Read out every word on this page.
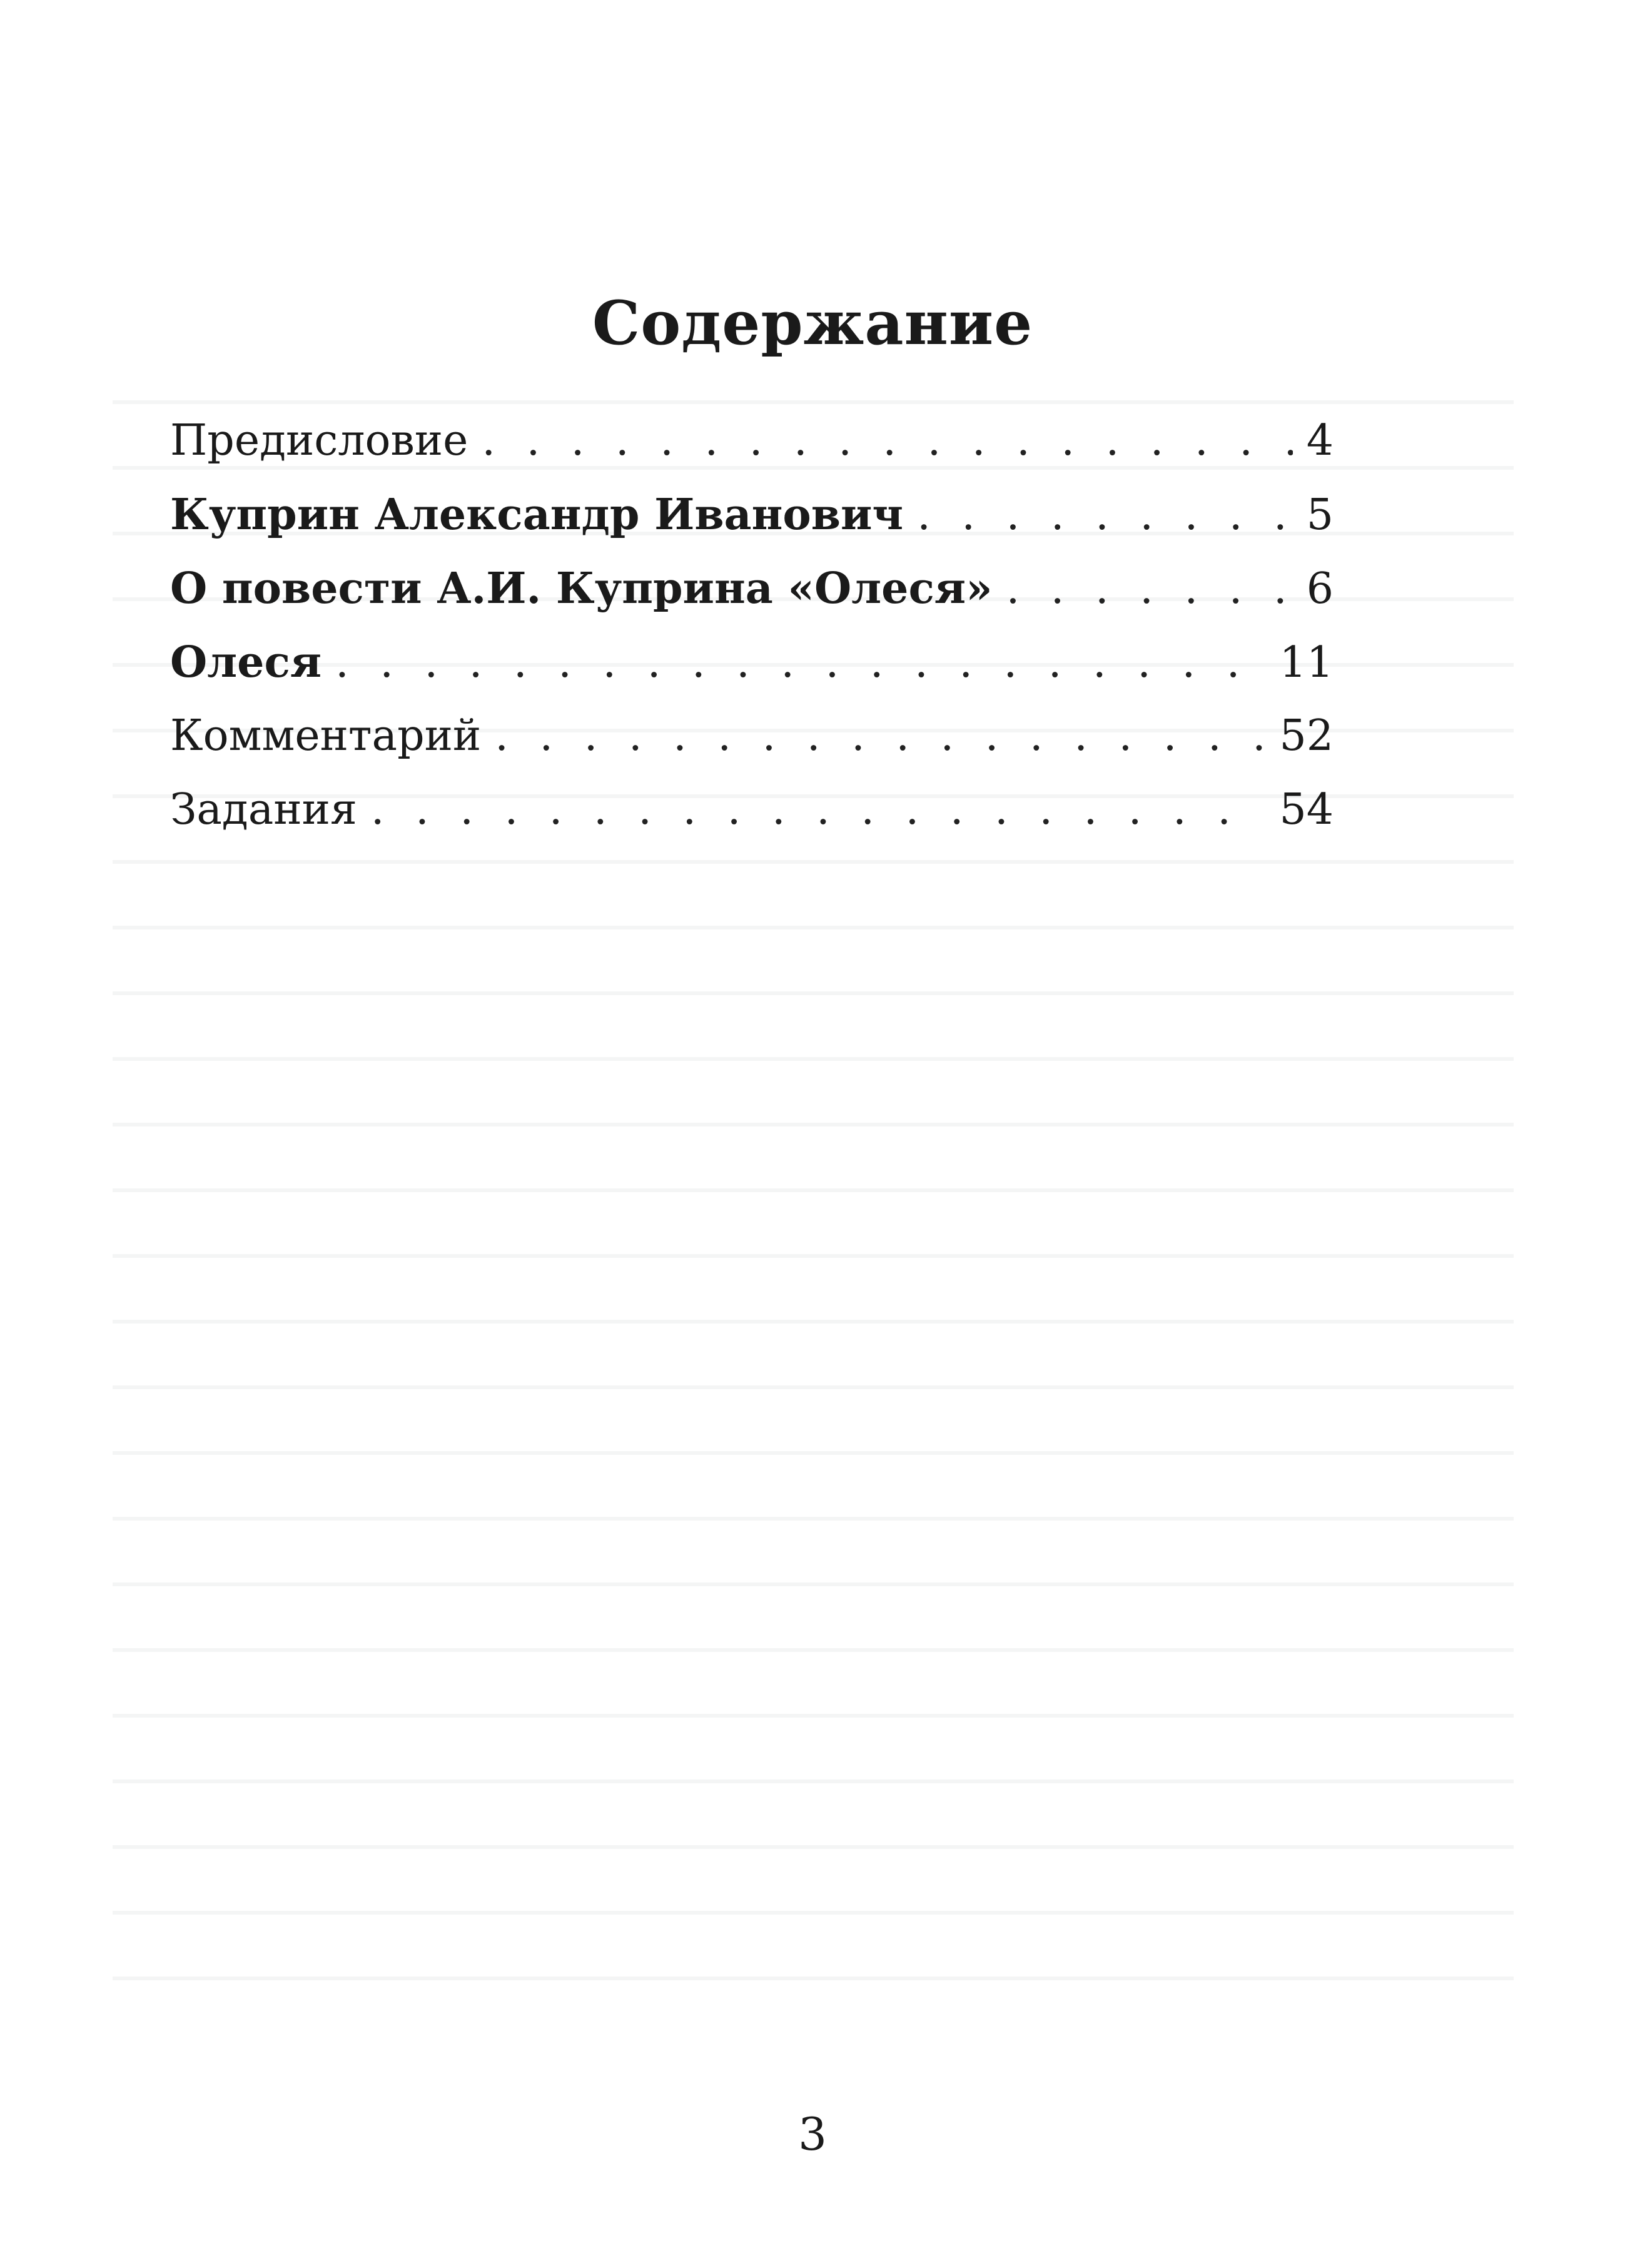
Содержание
Предисловие . . .	4
Куприн Александр Иванович . . .	5
О повести А.И. Куприна «Олеся» . . .	6
Олеся . . .	11
Комментарий . . .	52
Задания . . .	54
3
